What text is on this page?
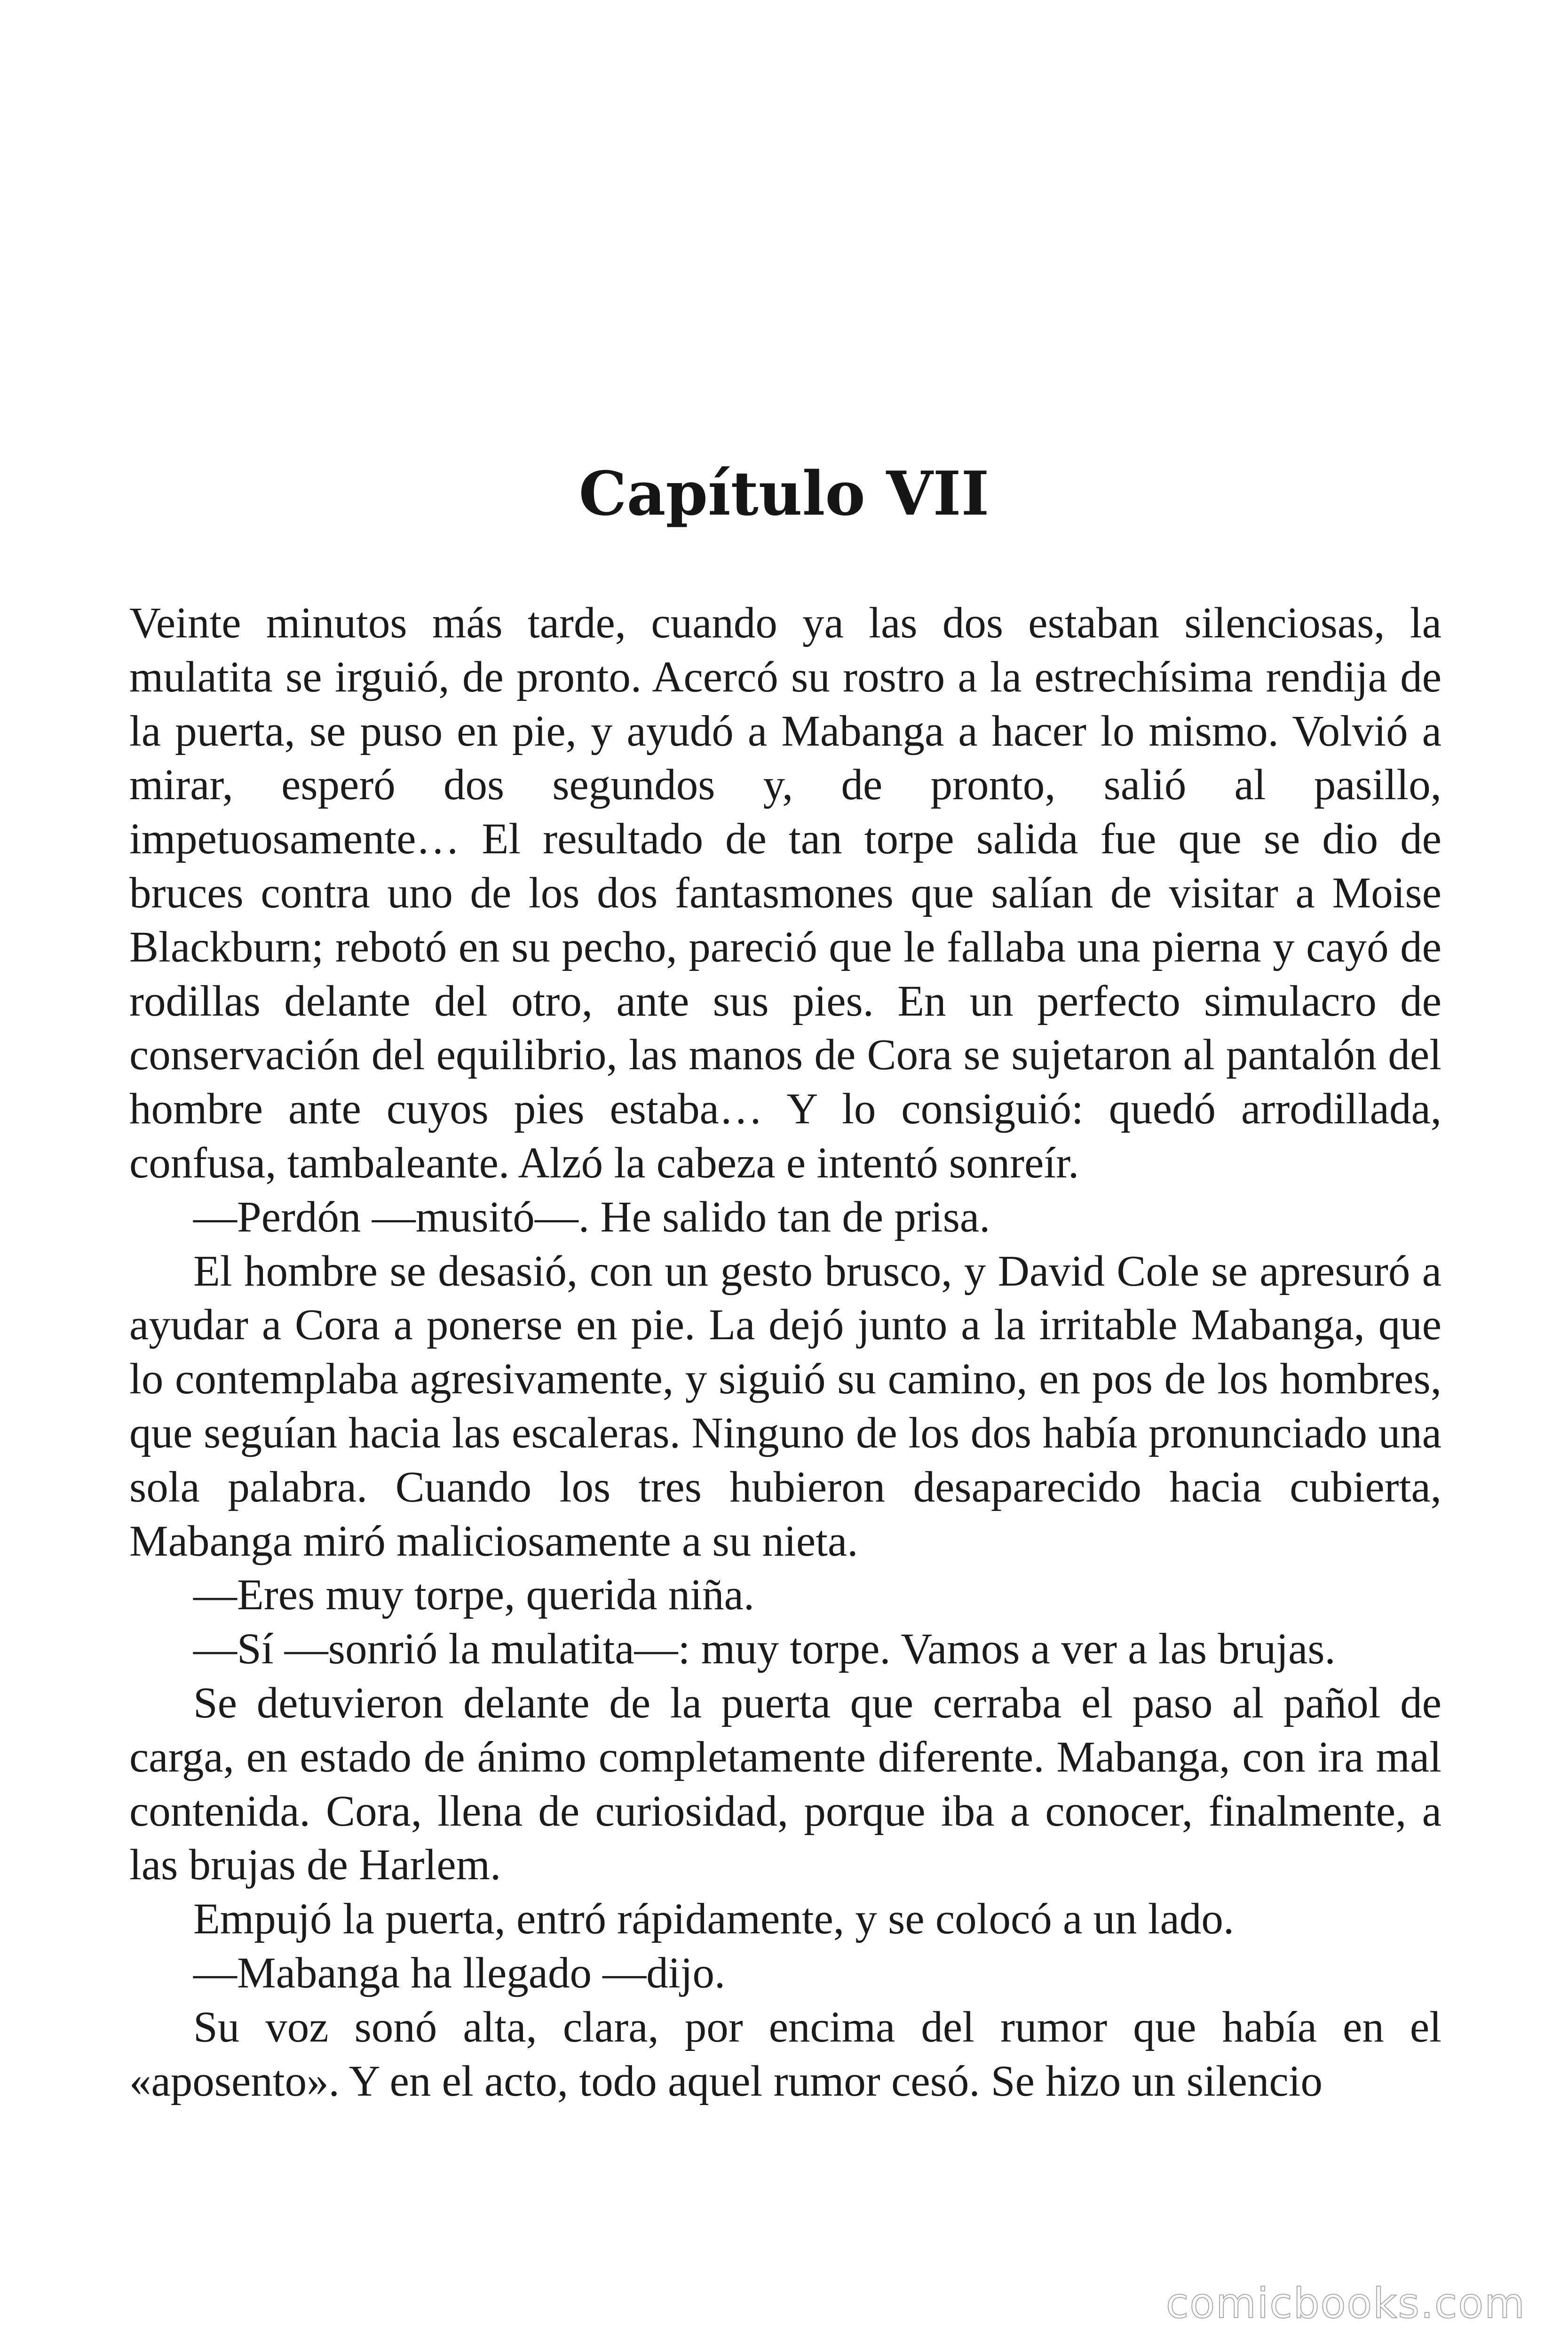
Capítulo VII

Veinte minutos más tarde, cuando ya las dos estaban silenciosas, la mulatita se irguió, de pronto. Acercó su rostro a la estrechísima rendija de la puerta, se puso en pie, y ayudó a Mabanga a hacer lo mismo. Volvió a mirar, esperó dos segundos y, de pronto, salió al pasillo, impetuosamente… El resultado de tan torpe salida fue que se dio de bruces contra uno de los dos fantasmones que salían de visitar a Moise Blackburn; rebotó en su pecho, pareció que le fallaba una pierna y cayó de rodillas delante del otro, ante sus pies. En un perfecto simulacro de conservación del equilibrio, las manos de Cora se sujetaron al pantalón del hombre ante cuyos pies estaba… Y lo consiguió: quedó arrodillada, confusa, tambaleante. Alzó la cabeza e intentó sonreír.

—Perdón —musitó—. He salido tan de prisa.

El hombre se desasió, con un gesto brusco, y David Cole se apresuró a ayudar a Cora a ponerse en pie. La dejó junto a la irritable Mabanga, que lo contemplaba agresivamente, y siguió su camino, en pos de los hombres, que seguían hacia las escaleras. Ninguno de los dos había pronunciado una sola palabra. Cuando los tres hubieron desaparecido hacia cubierta, Mabanga miró maliciosamente a su nieta.

—Eres muy torpe, querida niña.

—Sí —sonrió la mulatita—: muy torpe. Vamos a ver a las brujas.

Se detuvieron delante de la puerta que cerraba el paso al pañol de carga, en estado de ánimo completamente diferente. Mabanga, con ira mal contenida. Cora, llena de curiosidad, porque iba a conocer, finalmente, a las brujas de Harlem.

Empujó la puerta, entró rápidamente, y se colocó a un lado.

—Mabanga ha llegado —dijo.

Su voz sonó alta, clara, por encima del rumor que había en el «aposento». Y en el acto, todo aquel rumor cesó. Se hizo un silencio

comicbooks.com
